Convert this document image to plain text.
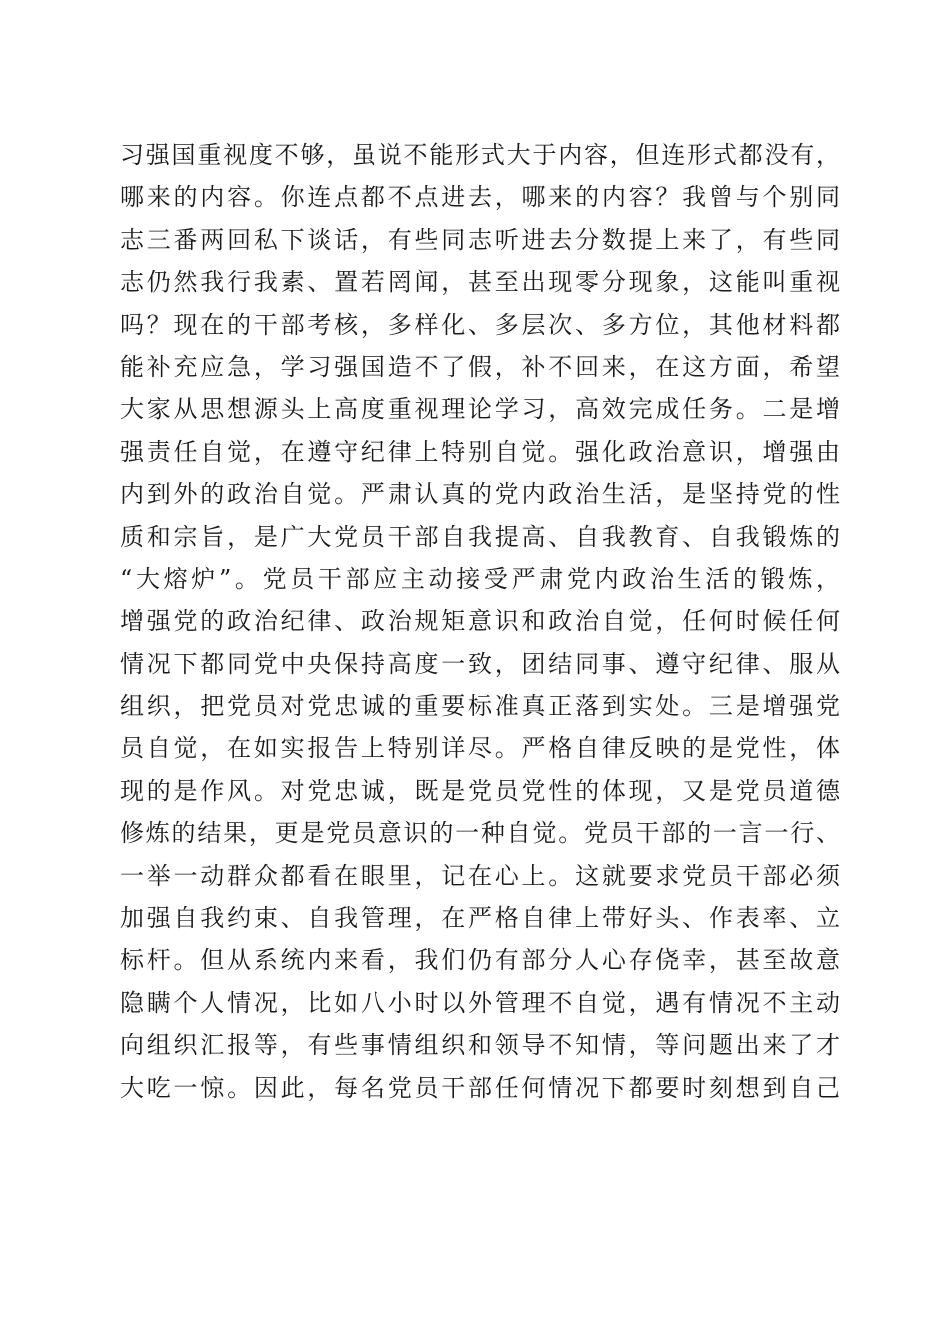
习强国重视度不够，虽说不能形式大于内容，但连形式都没有，
哪来的内容。你连点都不点进去，哪来的内容？我曾与个别同
志三番两回私下谈话，有些同志听进去分数提上来了，有些同
志仍然我行我素、置若罔闻，甚至出现零分现象，这能叫重视
吗？现在的干部考核，多样化、多层次、多方位，其他材料都
能补充应急，学习强国造不了假，补不回来，在这方面，希望
大家从思想源头上高度重视理论学习，高效完成任务。二是增
强责任自觉，在遵守纪律上特别自觉。强化政治意识，增强由
内到外的政治自觉。严肃认真的党内政治生活，是坚持党的性
质和宗旨，是广大党员干部自我提高、自我教育、自我锻炼的
“大熔炉”。党员干部应主动接受严肃党内政治生活的锻炼，
增强党的政治纪律、政治规矩意识和政治自觉，任何时候任何
情况下都同党中央保持高度一致，团结同事、遵守纪律、服从
组织，把党员对党忠诚的重要标准真正落到实处。三是增强党
员自觉，在如实报告上特别详尽。严格自律反映的是党性，体
现的是作风。对党忠诚，既是党员党性的体现，又是党员道德
修炼的结果，更是党员意识的一种自觉。党员干部的一言一行、
一举一动群众都看在眼里，记在心上。这就要求党员干部必须
加强自我约束、自我管理，在严格自律上带好头、作表率、立
标杆。但从系统内来看，我们仍有部分人心存侥幸，甚至故意
隐瞒个人情况，比如八小时以外管理不自觉，遇有情况不主动
向组织汇报等，有些事情组织和领导不知情，等问题出来了才
大吃一惊。因此，每名党员干部任何情况下都要时刻想到自己
